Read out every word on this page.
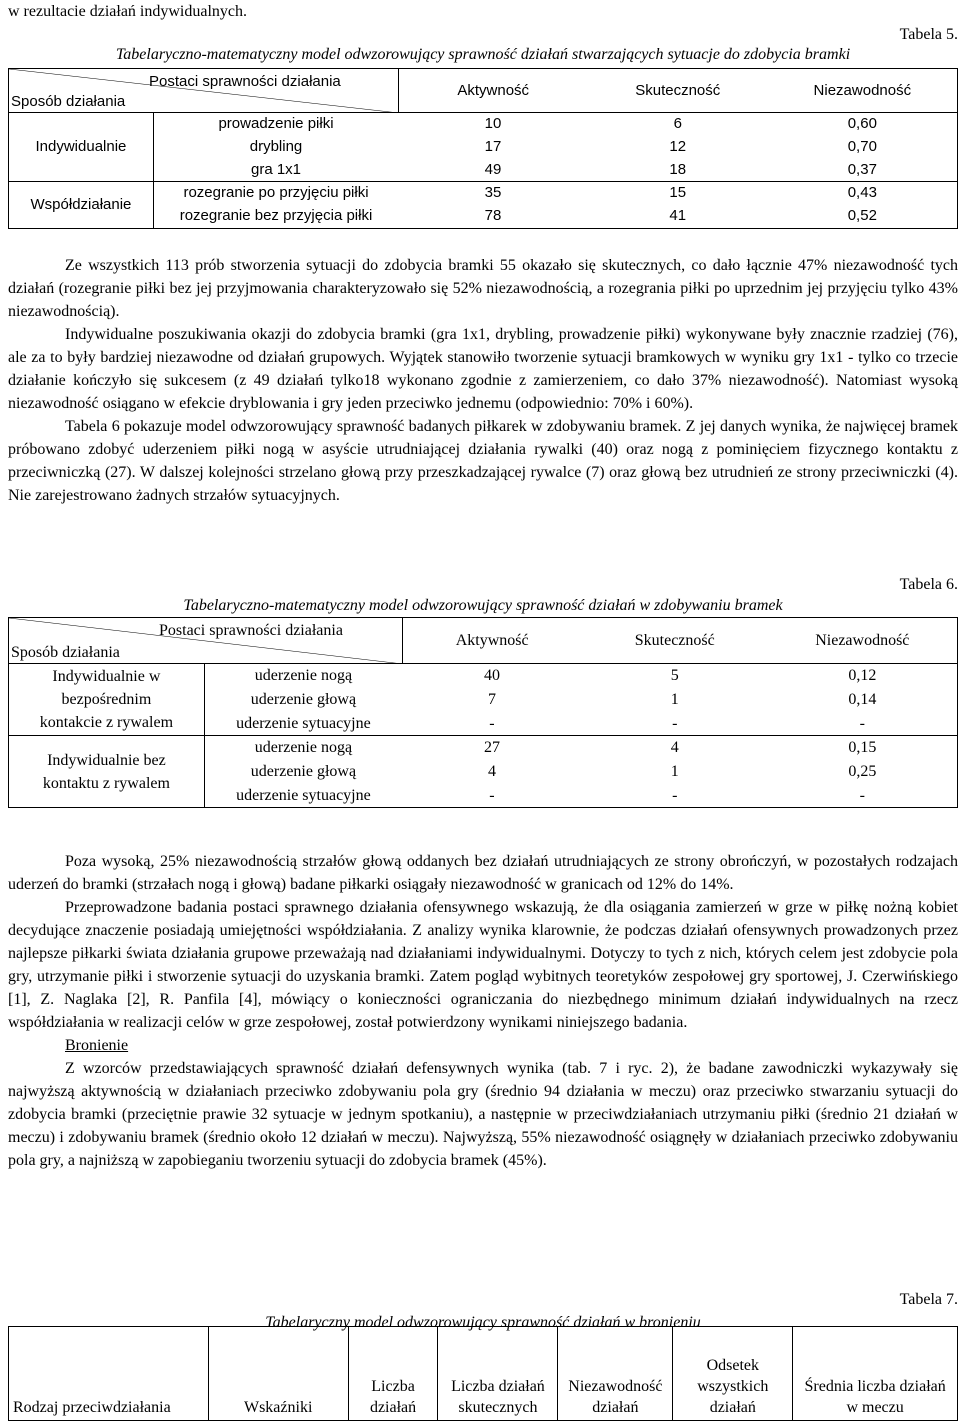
w rezultacie działań indywidualnych.

Tabela 5.

Tabelaryczno-matematyczny model odwzorowujący sprawność działań stwarzających sytuacje do zdobycia bramki

Postaci sprawności działania
Sposób działania		Aktywność	Skuteczność	Niezawodność
Indywidualnie	prowadzenie piłki	10	6	0,60
	drybling	17	12	0,70
	gra 1x1	49	18	0,37
Współdziałanie	rozegranie po przyjęciu piłki	35	15	0,43
	rozegranie bez przyjęcia piłki	78	41	0,52

Ze wszystkich 113 prób stworzenia sytuacji do zdobycia bramki 55 okazało się skutecznych, co dało łącznie 47% niezawodność tych działań (rozegranie piłki bez jej przyjmowania charakteryzowało się 52% niezawodnością, a rozegrania piłki po uprzednim jej przyjęciu tylko 43% niezawodnością).

Indywidualne poszukiwania okazji do zdobycia bramki (gra 1x1, drybling, prowadzenie piłki) wykonywane były znacznie rzadziej (76), ale za to były bardziej niezawodne od działań grupowych. Wyjątek stanowiło tworzenie sytuacji bramkowych w wyniku gry 1x1 - tylko co trzecie działanie kończyło się sukcesem (z 49 działań tylko18 wykonano zgodnie z zamierzeniem, co dało 37% niezawodność). Natomiast wysoką niezawodność osiągano w efekcie dryblowania i gry jeden przeciwko jednemu (odpowiednio: 70% i 60%).

Tabela 6 pokazuje model odwzorowujący sprawność badanych piłkarek w zdobywaniu bramek. Z jej danych wynika, że najwięcej bramek próbowano zdobyć uderzeniem piłki nogą w asyście utrudniającej działania rywalki (40) oraz nogą z pominięciem fizycznego kontaktu z przeciwniczką (27). W dalszej kolejności strzelano głową przy przeszkadzającej rywalce (7) oraz głową bez utrudnień ze strony przeciwniczki (4). Nie zarejestrowano żadnych strzałów sytuacyjnych.

Tabela 6.

Tabelaryczno-matematyczny model odwzorowujący sprawność działań w zdobywaniu bramek

Postaci sprawności działania
Sposób działania		Aktywność	Skuteczność	Niezawodność

Indywidualnie w
bezpośrednim
kontakcie z rywalem	uderzenie nogą	40	5	0,12
	uderzenie głową	7	1	0,14
	uderzenie sytuacyjne	-	-	-

Indywidualnie bez
kontaktu z rywalem	uderzenie nogą	27	4	0,15
	uderzenie głową	4	1	0,25
	uderzenie sytuacyjne	-	-	-

Poza wysoką, 25% niezawodnością strzałów głową oddanych bez działań utrudniających ze strony obrończyń, w pozostałych rodzajach uderzeń do bramki (strzałach nogą i głową) badane piłkarki osiągały niezawodność w granicach od 12% do 14%.

Przeprowadzone badania postaci sprawnego działania ofensywnego wskazują, że dla osiągania zamierzeń w grze w piłkę nożną kobiet decydujące znaczenie posiadają umiejętności współdziałania. Z analizy wynika klarownie, że podczas działań ofensywnych prowadzonych przez najlepsze piłkarki świata działania grupowe przeważają nad działaniami indywidualnymi. Dotyczy to tych z nich, których celem jest zdobycie pola gry, utrzymanie piłki i stworzenie sytuacji do uzyskania bramki. Zatem pogląd wybitnych teoretyków zespołowej gry sportowej, J. Czerwińskiego [1], Z. Naglaka [2], R. Panfila [4], mówiący o konieczności ograniczania do niezbędnego minimum działań indywidualnych na rzecz współdziałania w realizacji celów w grze zespołowej, został potwierdzony wynikami niniejszego badania.

Bronienie

Z wzorców przedstawiających sprawność działań defensywnych wynika (tab. 7 i ryc. 2), że badane zawodniczki wykazywały się najwyższą aktywnością w działaniach przeciwko zdobywaniu pola gry (średnio 94 działania w meczu) oraz przeciwko stwarzaniu sytuacji do zdobycia bramki (przeciętnie prawie 32 sytuacje w jednym spotkaniu), a następnie w przeciwdziałaniach utrzymaniu piłki (średnio 21 działań w meczu) i zdobywaniu bramek (średnio około 12 działań w meczu). Najwyższą, 55% niezawodność osiągnęły w działaniach przeciwko zdobywaniu pola gry, a najniższą w zapobieganiu tworzeniu sytuacji do zdobycia bramek (45%).

Tabela 7.

Tabelaryczny model odwzorowujący sprawność działań w bronieniu

Rodzaj przeciwdziałania	Wskaźniki	Liczba działań	Liczba działań skutecznych	Niezawodność działań	Odsetek wszystkich działań	Średnia liczba działań w meczu
